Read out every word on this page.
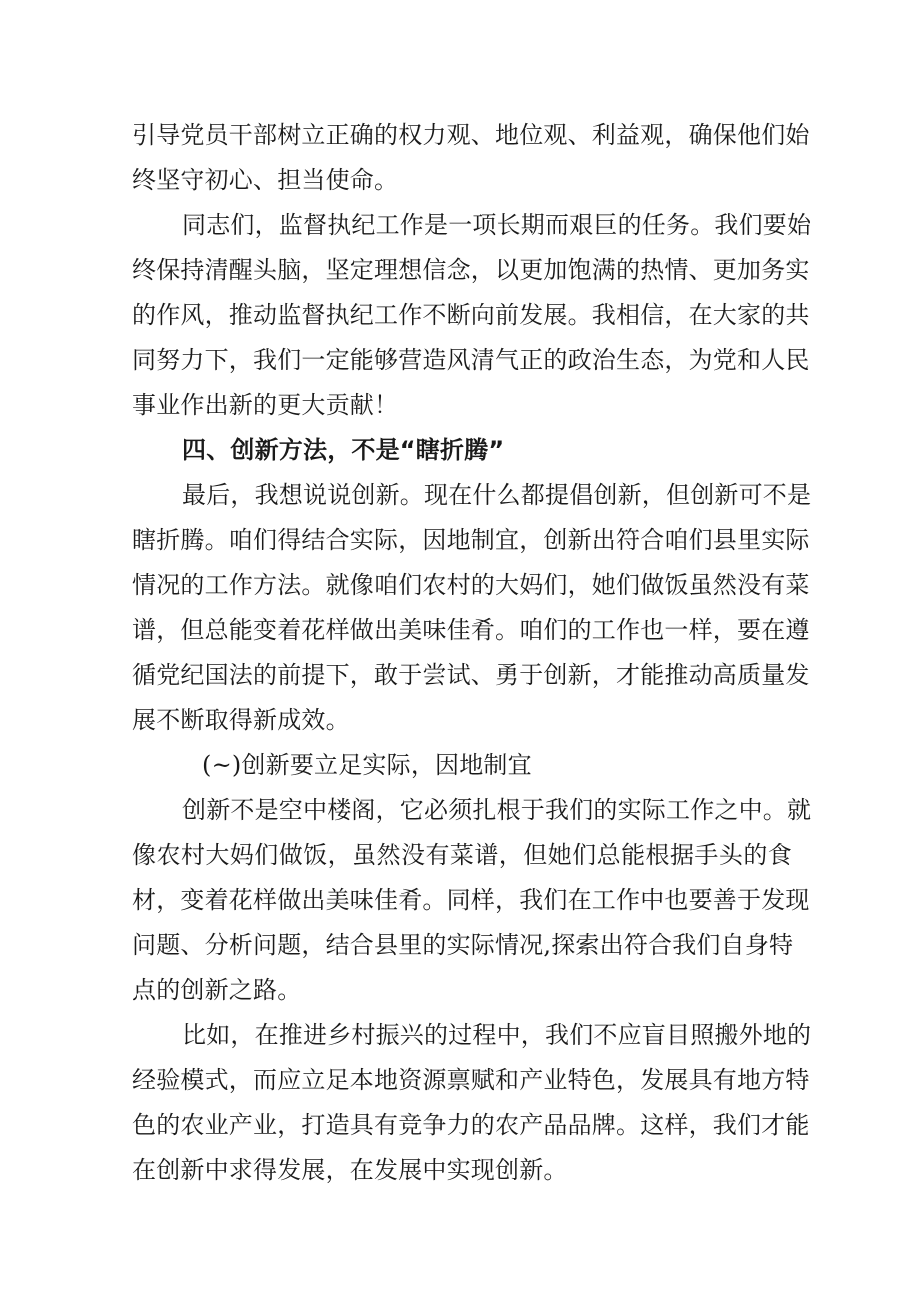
引导党员干部树立正确的权力观、地位观、利益观，确保他们始
终坚守初心、担当使命。
同志们，监督执纪工作是一项长期而艰巨的任务。我们要始
终保持清醒头脑，坚定理想信念，以更加饱满的热情、更加务实
的作风，推动监督执纪工作不断向前发展。我相信，在大家的共
同努力下，我们一定能够营造风清气正的政治生态，为党和人民
事业作出新的更大贡献！
四、创新方法，不是“瞎折腾”
最后，我想说说创新。现在什么都提倡创新，但创新可不是
瞎折腾。咱们得结合实际，因地制宜，创新出符合咱们县里实际
情况的工作方法。就像咱们农村的大妈们，她们做饭虽然没有菜
谱，但总能变着花样做出美味佳肴。咱们的工作也一样，要在遵
循党纪国法的前提下，敢于尝试、勇于创新，才能推动高质量发
展不断取得新成效。
(~)创新要立足实际，因地制宜
创新不是空中楼阁，它必须扎根于我们的实际工作之中。就
像农村大妈们做饭，虽然没有菜谱，但她们总能根据手头的食
材，变着花样做出美味佳肴。同样，我们在工作中也要善于发现
问题、分析问题，结合县里的实际情况,探索出符合我们自身特
点的创新之路。
比如，在推进乡村振兴的过程中，我们不应盲目照搬外地的
经验模式，而应立足本地资源禀赋和产业特色，发展具有地方特
色的农业产业，打造具有竞争力的农产品品牌。这样，我们才能
在创新中求得发展，在发展中实现创新。
